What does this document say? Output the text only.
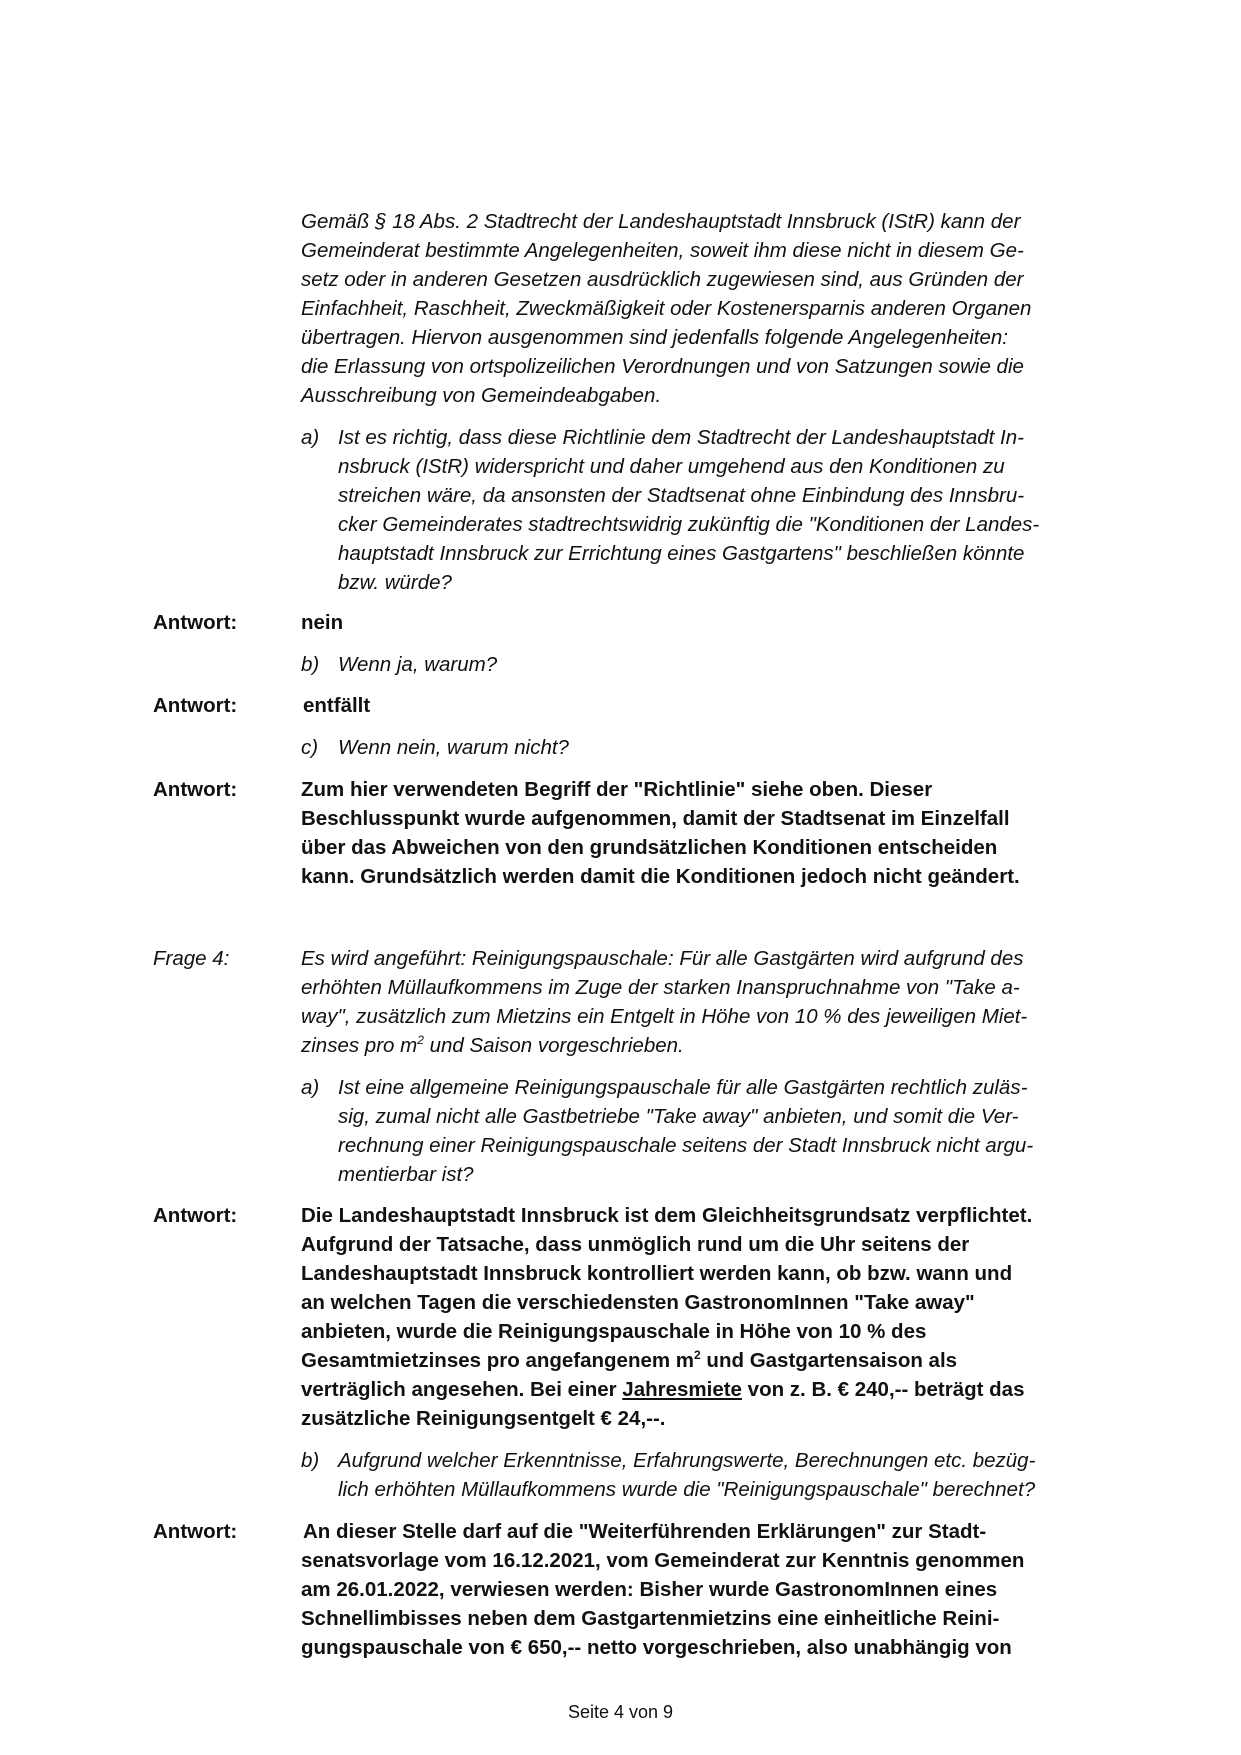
Gemäß § 18 Abs. 2 Stadtrecht der Landeshauptstadt Innsbruck (IStR) kann der
Gemeinderat bestimmte Angelegenheiten, soweit ihm diese nicht in diesem Ge-
setz oder in anderen Gesetzen ausdrücklich zugewiesen sind, aus Gründen der
Einfachheit, Raschheit, Zweckmäßigkeit oder Kostenersparnis anderen Organen
übertragen. Hiervon ausgenommen sind jedenfalls folgende Angelegenheiten:
die Erlassung von ortspolizeilichen Verordnungen und von Satzungen sowie die
Ausschreibung von Gemeindeabgaben.
a) Ist es richtig, dass diese Richtlinie dem Stadtrecht der Landeshauptstadt In-
nsbruck (IStR) widerspricht und daher umgehend aus den Konditionen zu
streichen wäre, da ansonsten der Stadtsenat ohne Einbindung des Innsbru-
cker Gemeinderates stadtrechtswidrig zukünftig die "Konditionen der Landes-
hauptstadt Innsbruck zur Errichtung eines Gastgartens" beschließen könnte
bzw. würde?
Antwort:	nein
b) Wenn ja, warum?
Antwort:	entfällt
c) Wenn nein, warum nicht?
Antwort:	Zum hier verwendeten Begriff der "Richtlinie" siehe oben. Dieser
Beschlusspunkt wurde aufgenommen, damit der Stadtsenat im Einzelfall
über das Abweichen von den grundsätzlichen Konditionen entscheiden
kann. Grundsätzlich werden damit die Konditionen jedoch nicht geändert.
Frage 4:	Es wird angeführt: Reinigungspauschale: Für alle Gastgärten wird aufgrund des
erhöhten Müllaufkommens im Zuge der starken Inanspruchnahme von "Take a-
way", zusätzlich zum Mietzins ein Entgelt in Höhe von 10 % des jeweiligen Miet-
zinses pro $m^2$ und Saison vorgeschrieben.
a) Ist eine allgemeine Reinigungspauschale für alle Gastgärten rechtlich zuläs-
sig, zumal nicht alle Gastbetriebe "Take away" anbieten, und somit die Ver-
rechnung einer Reinigungspauschale seitens der Stadt Innsbruck nicht argu-
mentierbar ist?
Antwort:	Die Landeshauptstadt Innsbruck ist dem Gleichheitsgrundsatz verpflichtet.
Aufgrund der Tatsache, dass unmöglich rund um die Uhr seitens der
Landeshauptstadt Innsbruck kontrolliert werden kann, ob bzw. wann und
an welchen Tagen die verschiedensten GastronomInnen "Take away"
anbieten, wurde die Reinigungspauschale in Höhe von 10 % des
Gesamtmietzinses pro angefangenem $m^2$ und Gastgartensaison als
verträglich angesehen. Bei einer Jahresmiete von z. B. € 240,-- beträgt das
zusätzliche Reinigungsentgelt € 24,--.
b) Aufgrund welcher Erkenntnisse, Erfahrungswerte, Berechnungen etc. bezüg-
lich erhöhten Müllaufkommens wurde die "Reinigungspauschale" berechnet?
Antwort:	An dieser Stelle darf auf die "Weiterführenden Erklärungen" zur Stadt-
senatsvorlage vom 16.12.2021, vom Gemeinderat zur Kenntnis genommen
am 26.01.2022, verwiesen werden: Bisher wurde GastronomInnen eines
Schnellimbisses neben dem Gastgartenmietzins eine einheitliche Reini-
gungspauschale von € 650,-- netto vorgeschrieben, also unabhängig von
Seite 4 von 9
